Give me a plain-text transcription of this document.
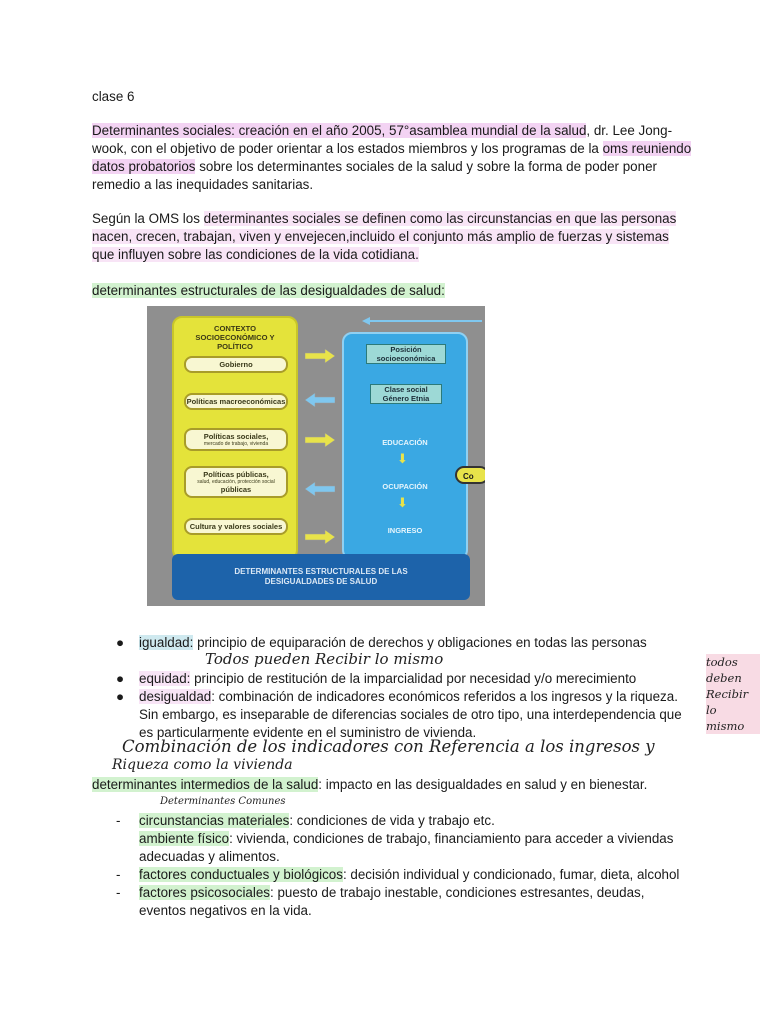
clase 6
Determinantes sociales: creación en el año 2005, 57°asamblea mundial de la salud, dr. Lee Jong-wook, con el objetivo de poder orientar a los estados miembros y los programas de la oms reuniendo datos probatorios sobre los determinantes sociales de la salud y sobre la forma de poder poner remedio a las inequidades sanitarias.
Según la OMS los determinantes sociales se definen como las circunstancias en que las personas nacen, crecen, trabajan, viven y envejecen,incluido el conjunto más amplio de fuerzas y sistemas que influyen sobre las condiciones de la vida cotidiana.
determinantes estructurales de las desigualdades de salud:
CONTEXTO SOCIOECONÓMICO Y POLÍTICO
Gobierno
Políticas macroeconómicas
Políticas sociales,
mercado de trabajo, vivienda
Políticas públicas,
salud, educación, protección social
públicas
Cultura y valores sociales
Posición socioeconómica
Clase social Género Etnia
EDUCACIÓN
OCUPACIÓN
INGRESO
⬇
⬇
Co
DETERMINANTES ESTRUCTURALES DE LAS DESIGUALDADES DE SALUD
● igualdad: principio de equiparación de derechos y obligaciones en todas las personas
● equidad: principio de restitución de la imparcialidad por necesidad y/o merecimiento
● desigualdad: combinación de indicadores económicos referidos a los ingresos y la riqueza. Sin embargo, es inseparable de diferencias sociales de otro tipo, una interdependencia que es particularmente evidente en el suministro de vivienda.
Todos pueden Recibir lo mismo	todos deben
Recibir lo
mismo
Combinación de los indicadores con Referencia a los ingresos y
Riqueza como la vivienda
determinantes intermedios de la salud: impacto en las desigualdades en salud y en bienestar.
Determinantes Comunes
- circunstancias materiales: condiciones de vida y trabajo etc.
ambiente físico: vivienda, condiciones de trabajo, financiamiento para acceder a viviendas adecuadas y alimentos.
- factores conductuales y biológicos: decisión individual y condicionado, fumar, dieta, alcohol
- factores psicosociales: puesto de trabajo inestable, condiciones estresantes, deudas, eventos negativos en la vida.
